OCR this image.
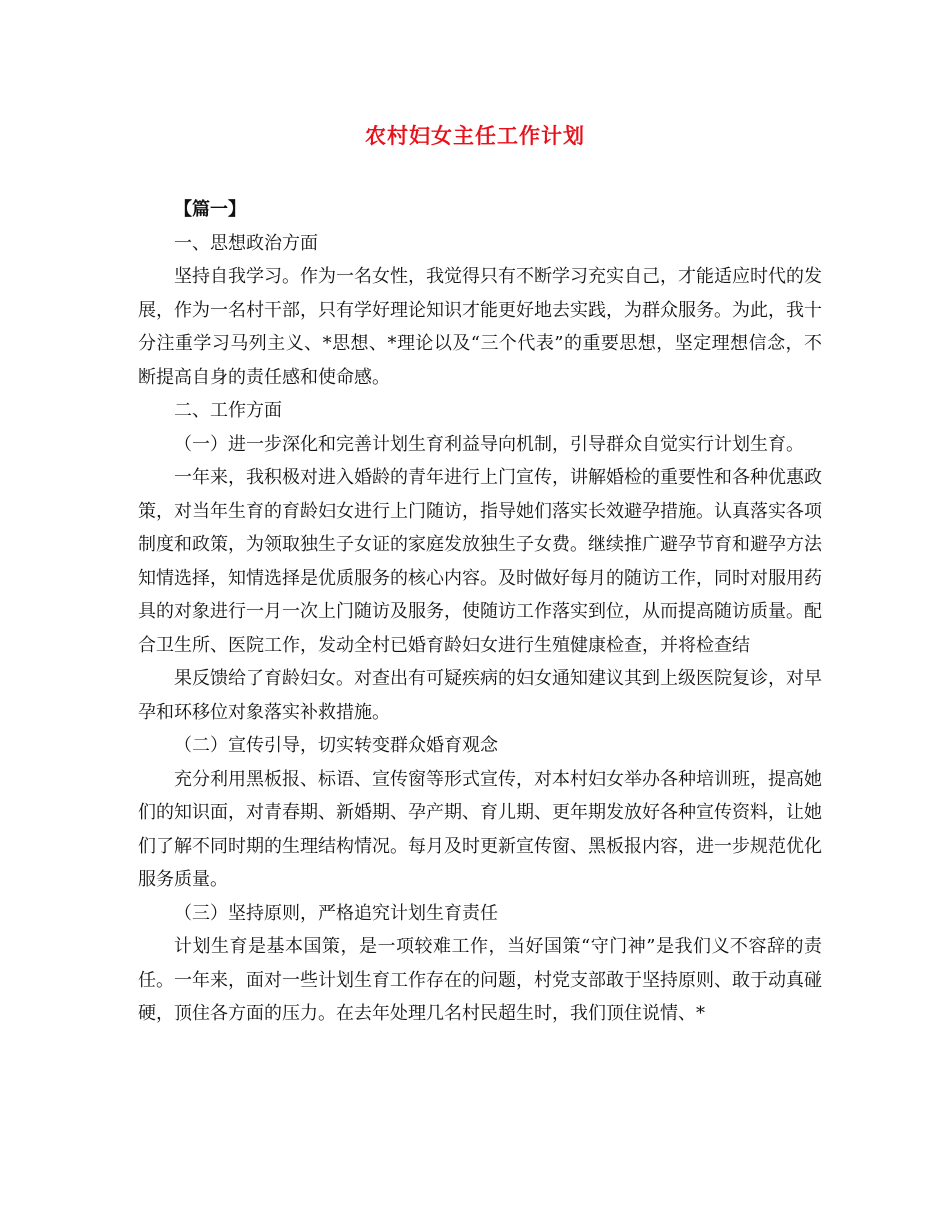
农村妇女主任工作计划

【篇一】

一、思想政治方面

坚持自我学习。作为一名女性，我觉得只有不断学习充实自己，才能适应时代的发展，作为一名村干部，只有学好理论知识才能更好地去实践，为群众服务。为此，我十分注重学习马列主义、*思想、*理论以及“三个代表”的重要思想，坚定理想信念，不断提高自身的责任感和使命感。

二、工作方面

（一）进一步深化和完善计划生育利益导向机制，引导群众自觉实行计划生育。

一年来，我积极对进入婚龄的青年进行上门宣传，讲解婚检的重要性和各种优惠政策，对当年生育的育龄妇女进行上门随访，指导她们落实长效避孕措施。认真落实各项制度和政策，为领取独生子女证的家庭发放独生子女费。继续推广避孕节育和避孕方法知情选择，知情选择是优质服务的核心内容。及时做好每月的随访工作，同时对服用药具的对象进行一月一次上门随访及服务，使随访工作落实到位，从而提高随访质量。配合卫生所、医院工作，发动全村已婚育龄妇女进行生殖健康检查，并将检查结

果反馈给了育龄妇女。对查出有可疑疾病的妇女通知建议其到上级医院复诊，对早孕和环移位对象落实补救措施。

（二）宣传引导，切实转变群众婚育观念

充分利用黑板报、标语、宣传窗等形式宣传，对本村妇女举办各种培训班，提高她们的知识面，对青春期、新婚期、孕产期、育儿期、更年期发放好各种宣传资料，让她们了解不同时期的生理结构情况。每月及时更新宣传窗、黑板报内容，进一步规范优化服务质量。

（三）坚持原则，严格追究计划生育责任

计划生育是基本国策，是一项较难工作，当好国策“守门神”是我们义不容辞的责任。一年来，面对一些计划生育工作存在的问题，村党支部敢于坚持原则、敢于动真碰硬，顶住各方面的压力。在去年处理几名村民超生时，我们顶住说情、*
